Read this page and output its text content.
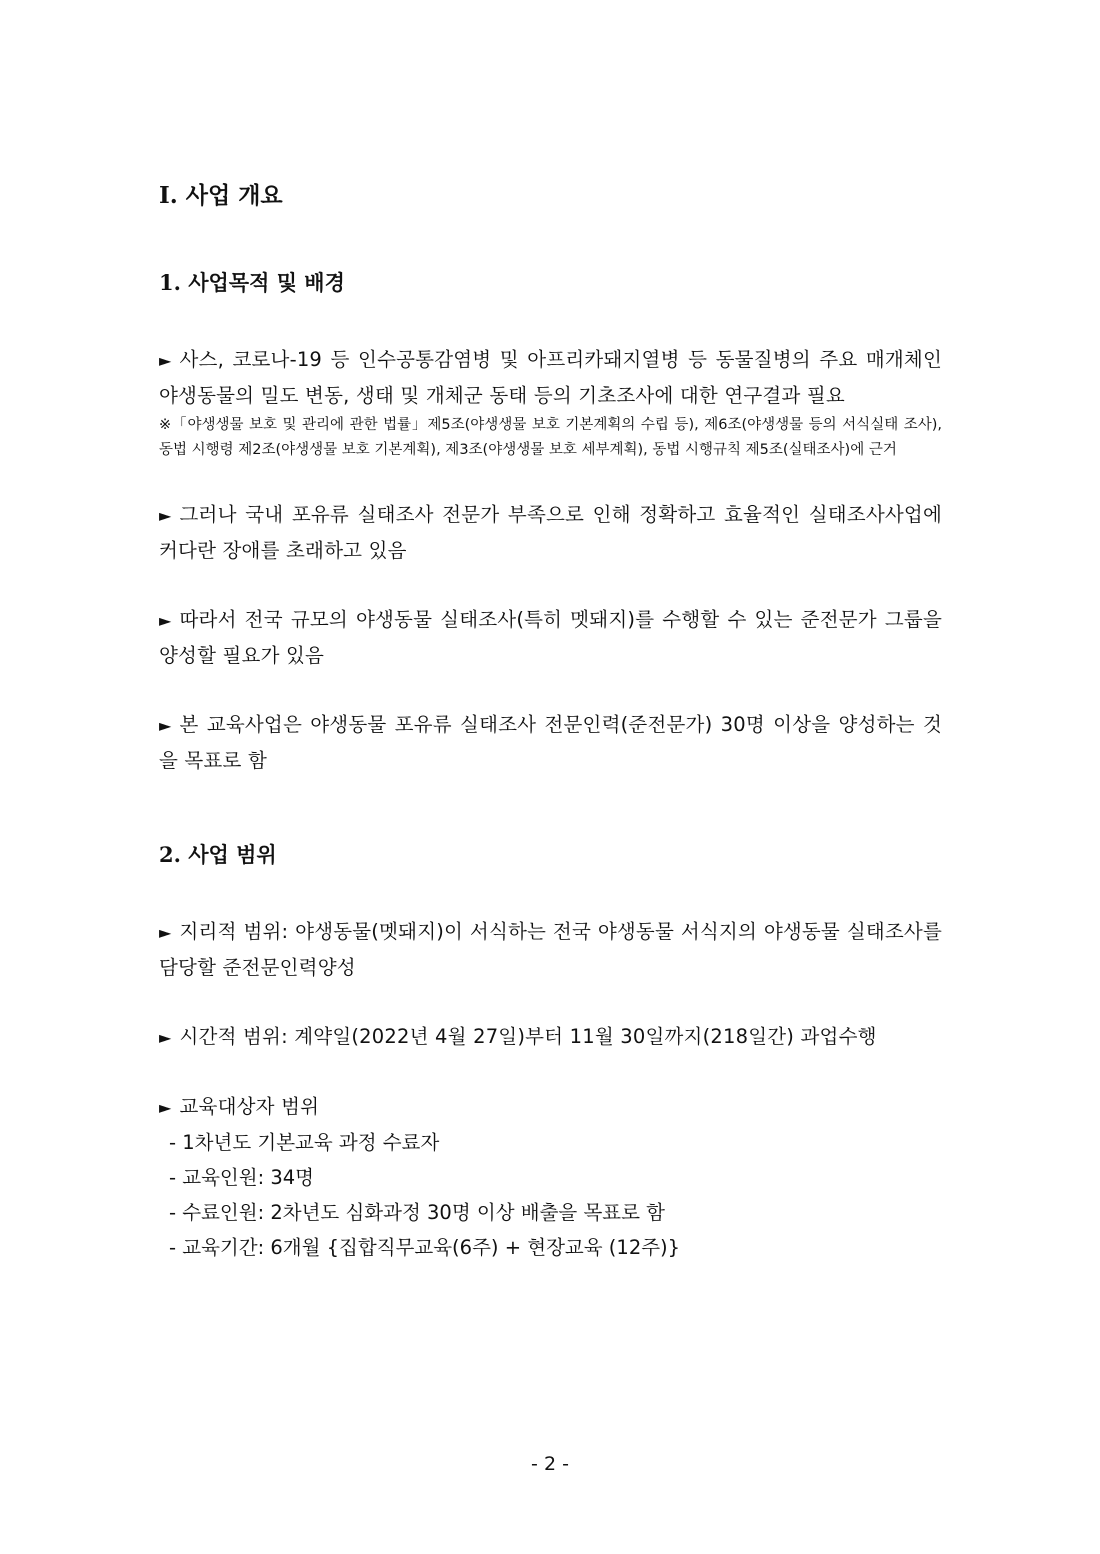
I. 사업 개요
1. 사업목적 및 배경

► 사스, 코로나-19 등 인수공통감염병 및 아프리카돼지열병 등 동물질병의 주요 매개체인 야생동물의 밀도 변동, 생태 및 개체군 동태 등의 기초조사에 대한 연구결과 필요

※「야생생물 보호 및 관리에 관한 법률」제5조(야생생물 보호 기본계획의 수립 등), 제6조(야생생물 등의 서식실태 조사), 동법 시행령 제2조(야생생물 보호 기본계획), 제3조(야생생물 보호 세부계획), 동법 시행규칙 제5조(실태조사)에 근거

► 그러나 국내 포유류 실태조사 전문가 부족으로 인해 정확하고 효율적인 실태조사사업에 커다란 장애를 초래하고 있음

► 따라서 전국 규모의 야생동물 실태조사(특히 멧돼지)를 수행할 수 있는 준전문가 그룹을 양성할 필요가 있음

► 본 교육사업은 야생동물 포유류 실태조사 전문인력(준전문가) 30명 이상을 양성하는 것을 목표로 함

2. 사업 범위

► 지리적 범위: 야생동물(멧돼지)이 서식하는 전국 야생동물 서식지의 야생동물 실태조사를 담당할 준전문인력양성

► 시간적 범위: 계약일(2022년 4월 27일)부터 11월 30일까지(218일간) 과업수행

► 교육대상자 범위

- 1차년도 기본교육 과정 수료자

- 교육인원: 34명

- 수료인원: 2차년도 심화과정 30명 이상 배출을 목표로 함

- 교육기간: 6개월 {집합직무교육(6주) + 현장교육 (12주)}

- 2 -
